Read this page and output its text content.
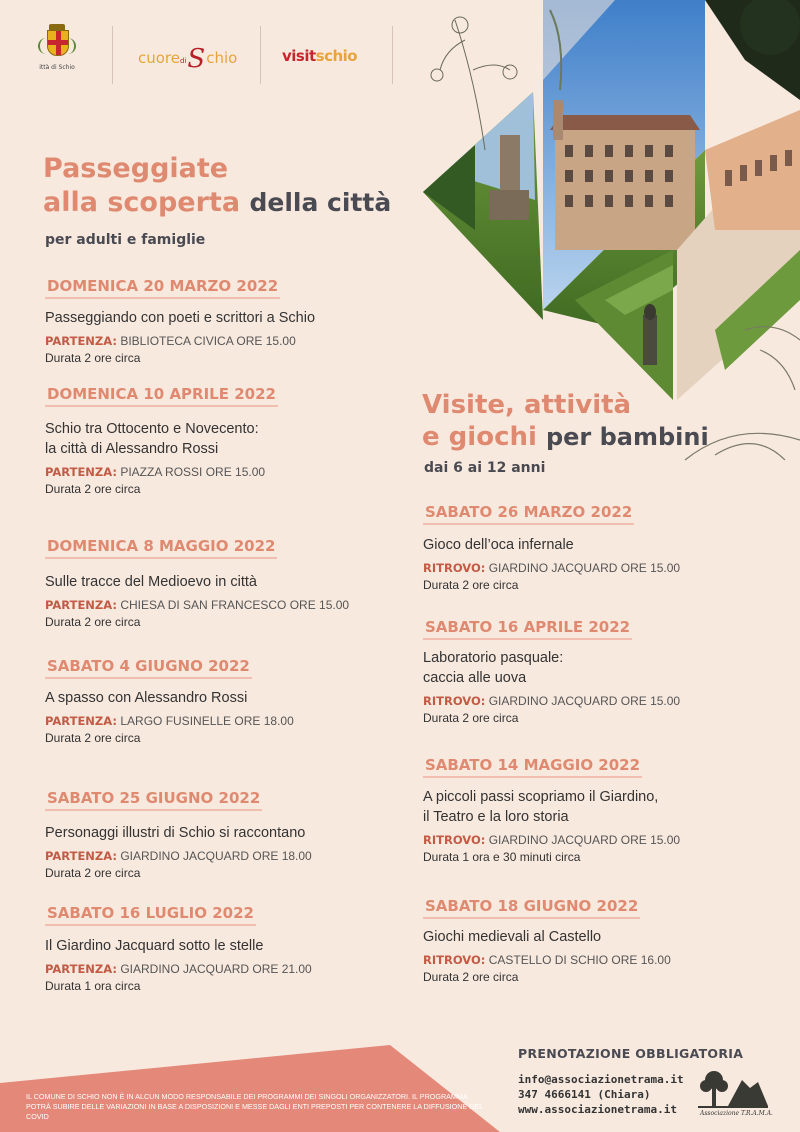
ittà di Schio
cuorediSchio	visitschio
Passeggiate
alla scoperta della città
per adulti e famiglie
DOMENICA 20 MARZO 2022
Passeggiando con poeti e scrittori a Schio
PARTENZA: BIBLIOTECA CIVICA ORE 15.00
Durata 2 ore circa
DOMENICA 10 APRILE 2022
Schio tra Ottocento e Novecento:
la città di Alessandro Rossi
PARTENZA: PIAZZA ROSSI ORE 15.00
Durata 2 ore circa
DOMENICA 8 MAGGIO 2022
Sulle tracce del Medioevo in città
PARTENZA: CHIESA DI SAN FRANCESCO ORE 15.00
Durata 2 ore circa
SABATO 4 GIUGNO 2022
A spasso con Alessandro Rossi
PARTENZA: LARGO FUSINELLE ORE 18.00
Durata 2 ore circa
SABATO 25 GIUGNO 2022
Personaggi illustri di Schio si raccontano
PARTENZA: GIARDINO JACQUARD ORE 18.00
Durata 2 ore circa
SABATO 16 LUGLIO 2022
Il Giardino Jacquard sotto le stelle
PARTENZA: GIARDINO JACQUARD ORE 21.00
Durata 1 ora circa
Visite, attività
e giochi per bambini
dai 6 ai 12 anni
SABATO 26 MARZO 2022
Gioco dell’oca infernale
RITROVO: GIARDINO JACQUARD ORE 15.00
Durata 2 ore circa
SABATO 16 APRILE 2022
Laboratorio pasquale:
caccia alle uova
RITROVO: GIARDINO JACQUARD ORE 15.00
Durata 2 ore circa
SABATO 14 MAGGIO 2022
A piccoli passi scopriamo il Giardino,
il Teatro e la loro storia
RITROVO: GIARDINO JACQUARD ORE 15.00
Durata 1 ora e 30 minuti circa
SABATO 18 GIUGNO 2022
Giochi medievali al Castello
RITROVO: CASTELLO DI SCHIO ORE 16.00
Durata 2 ore circa
IL COMUNE DI SCHIO NON È IN ALCUN MODO RESPONSABILE DEI PROGRAMMI DEI SINGOLI ORGANIZZATORI. IL PROGRAMMA POTRÀ SUBIRE DELLE VARIAZIONI IN BASE A DISPOSIZIONI E MESSE DAGLI ENTI PREPOSTI PER CONTENERE LA DIFFUSIONE DEL COVID
PRENOTAZIONE OBBLIGATORIA
info@associazionetrama.it
347 4666141 (Chiara)
www.associazionetrama.it	Associazione T.R.A.M.A.
